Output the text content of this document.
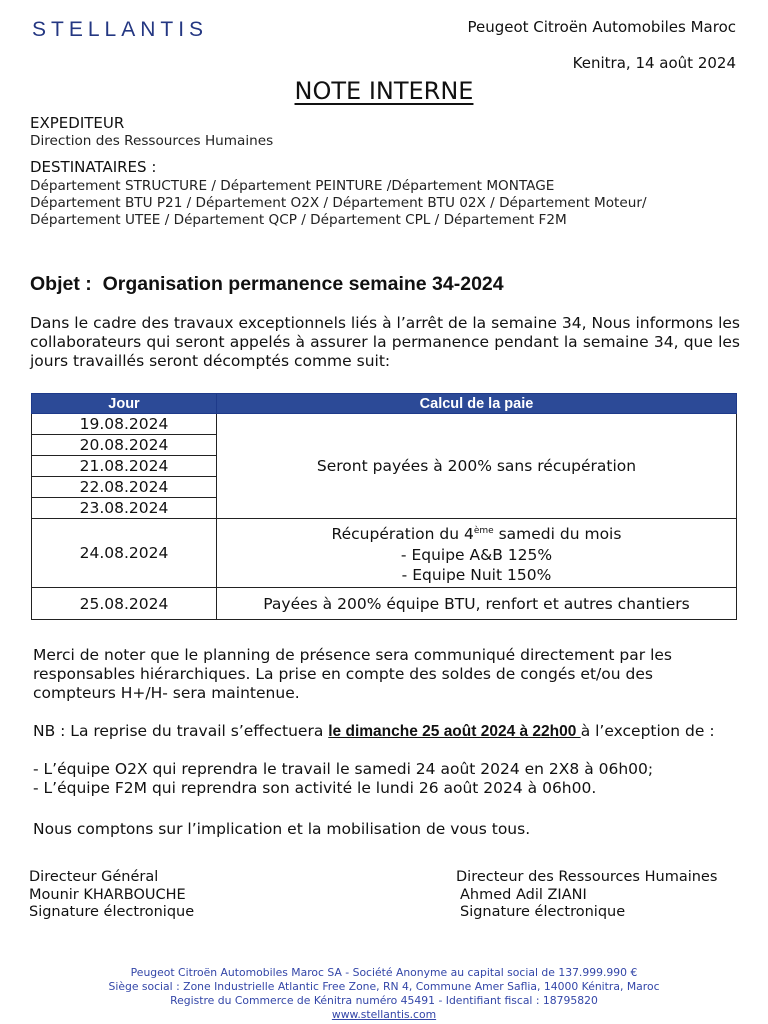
STELLANTIS	Peugeot Citroën Automobiles Maroc
Kenitra, 14 août 2024
NOTE INTERNE
EXPEDITEUR
Direction des Ressources Humaines
DESTINATAIRES :
Département STRUCTURE / Département PEINTURE /Département MONTAGE
Département BTU P21 / Département O2X / Département BTU 02X / Département Moteur/
Département UTEE / Département QCP / Département CPL / Département F2M
Objet : Organisation permanence semaine 34-2024
Dans le cadre des travaux exceptionnels liés à l’arrêt de la semaine 34, Nous informons les collaborateurs qui seront appelés à assurer la permanence pendant la semaine 34, que les jours travaillés seront décomptés comme suit:
Jour	Calcul de la paie
19.08.2024	Seront payées à 200% sans récupération
20.08.2024	
21.08.2024	
22.08.2024	
23.08.2024	
24.08.2024	Récupération du 4ème samedi du mois
- Equipe A&B 125%
- Equipe Nuit 150%

25.08.2024	Payées à 200% équipe BTU, renfort et autres chantiers
Merci de noter que le planning de présence sera communiqué directement par les responsables hiérarchiques. La prise en compte des soldes de congés et/ou des compteurs H+/H- sera maintenue.
NB : La reprise du travail s’effectuera le dimanche 25 août 2024 à 22h00 à l’exception de :
- L’équipe O2X qui reprendra le travail le samedi 24 août 2024 en 2X8 à 06h00;
- L’équipe F2M qui reprendra son activité le lundi 26 août 2024 à 06h00.
Nous comptons sur l’implication et la mobilisation de vous tous.
Directeur Général
Mounir KHARBOUCHE
Signature électronique
Directeur des Ressources Humaines
Ahmed Adil ZIANI
Signature électronique
Peugeot Citroën Automobiles Maroc SA - Société Anonyme au capital social de 137.999.990 €
Siège social : Zone Industrielle Atlantic Free Zone, RN 4, Commune Amer Saflia, 14000 Kénitra, Maroc
Registre du Commerce de Kénitra numéro 45491 - Identifiant fiscal : 18795820
www.stellantis.com
